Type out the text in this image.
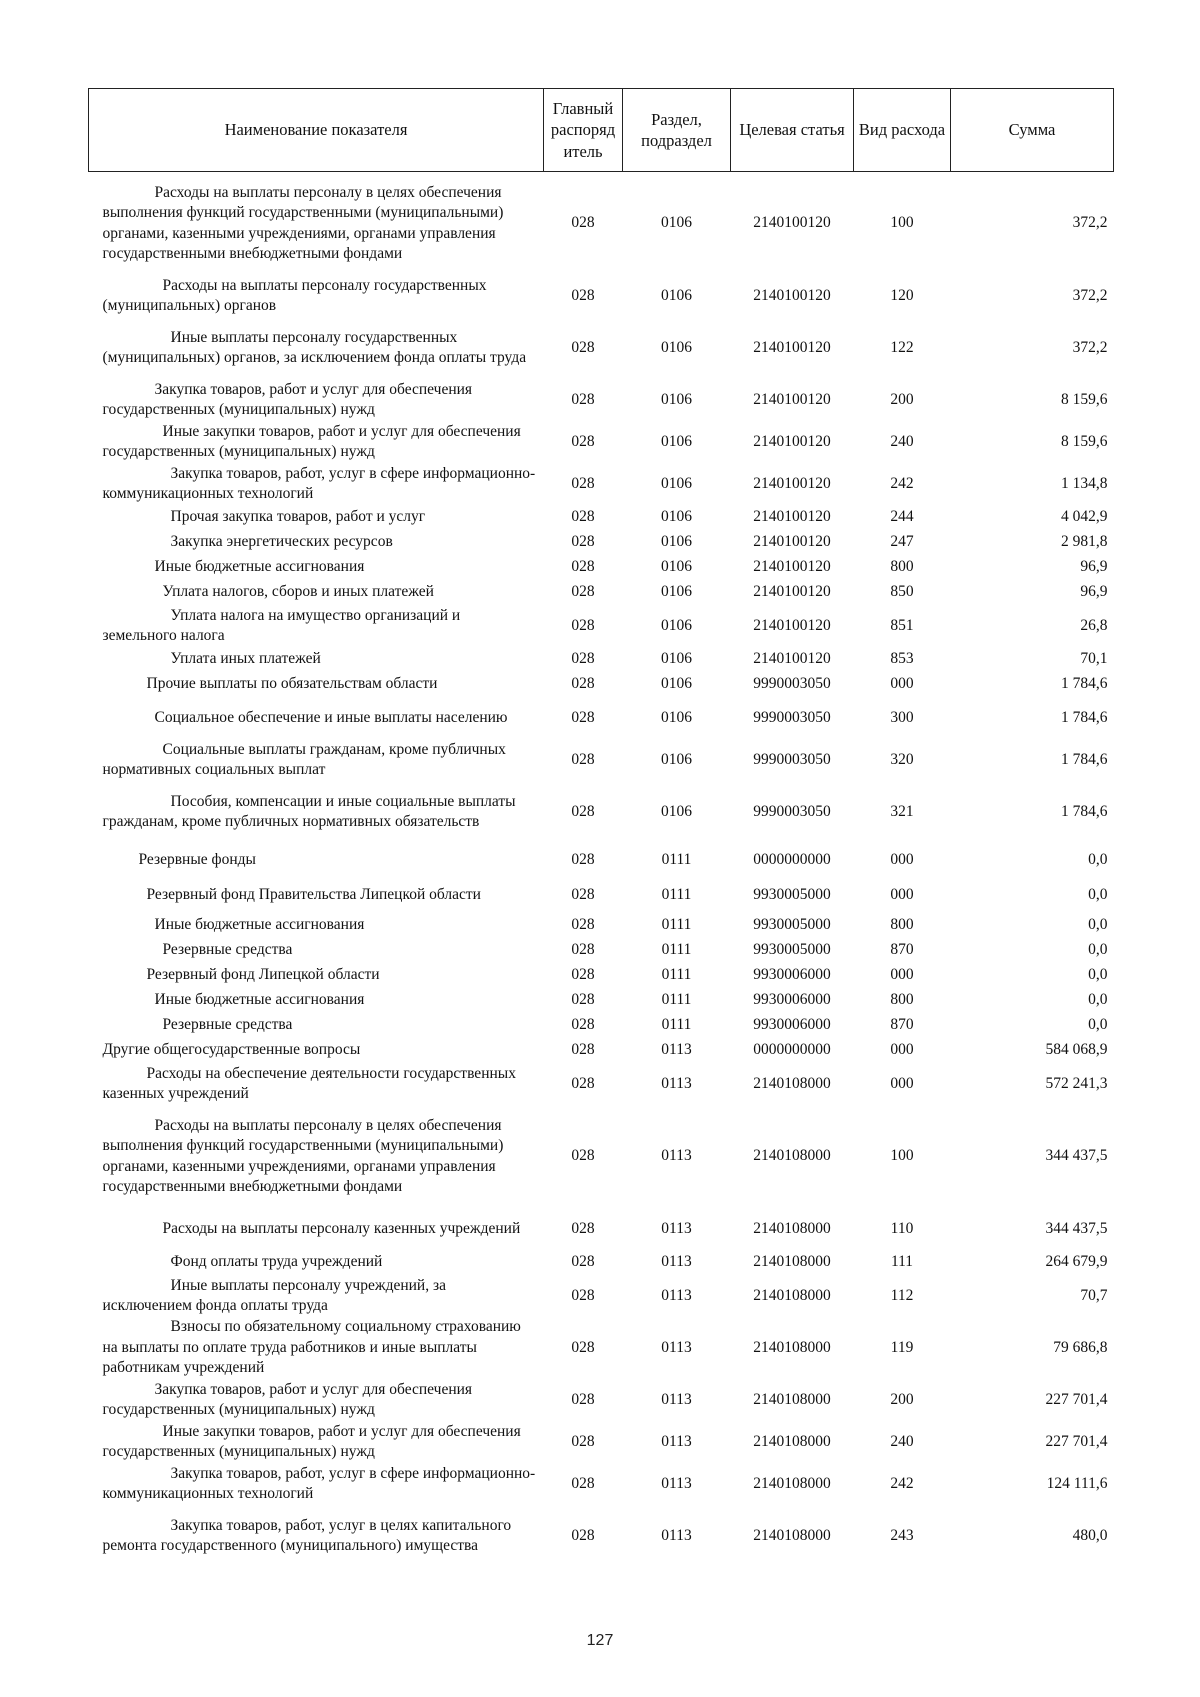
Наименование показателя	Главный распоряд итель	Раздел, подраздел	Целевая статья	Вид расхода	Сумма
Расходы на выплаты персоналу в целях обеспечения выполнения функций государственными (муниципальными) органами, казенными учреждениями, органами управления государственными внебюджетными фондами	028	0106	2140100120	100	372,2
Расходы на выплаты персоналу государственных (муниципальных) органов	028	0106	2140100120	120	372,2
Иные выплаты персоналу государственных (муниципальных) органов, за исключением фонда оплаты труда	028	0106	2140100120	122	372,2
Закупка товаров, работ и услуг для обеспечения государственных (муниципальных) нужд	028	0106	2140100120	200	8 159,6
Иные закупки товаров, работ и услуг для обеспечения государственных (муниципальных) нужд	028	0106	2140100120	240	8 159,6
Закупка товаров, работ, услуг в сфере информационно-коммуникационных технологий	028	0106	2140100120	242	1 134,8
Прочая закупка товаров, работ и услуг	028	0106	2140100120	244	4 042,9
Закупка энергетических ресурсов	028	0106	2140100120	247	2 981,8
Иные бюджетные ассигнования	028	0106	2140100120	800	96,9
Уплата налогов, сборов и иных платежей	028	0106	2140100120	850	96,9
Уплата налога на имущество организаций и земельного налога	028	0106	2140100120	851	26,8
Уплата иных платежей	028	0106	2140100120	853	70,1
Прочие выплаты по обязательствам области	028	0106	9990003050	000	1 784,6
Социальное обеспечение и иные выплаты населению	028	0106	9990003050	300	1 784,6
Социальные выплаты гражданам, кроме публичных нормативных социальных выплат	028	0106	9990003050	320	1 784,6
Пособия, компенсации и иные социальные выплаты гражданам, кроме публичных нормативных обязательств	028	0106	9990003050	321	1 784,6
Резервные фонды	028	0111	0000000000	000	0,0
Резервный фонд Правительства Липецкой области	028	0111	9930005000	000	0,0
Иные бюджетные ассигнования	028	0111	9930005000	800	0,0
Резервные средства	028	0111	9930005000	870	0,0
Резервный фонд Липецкой области	028	0111	9930006000	000	0,0
Иные бюджетные ассигнования	028	0111	9930006000	800	0,0
Резервные средства	028	0111	9930006000	870	0,0
Другие общегосударственные вопросы	028	0113	0000000000	000	584 068,9
Расходы на обеспечение деятельности государственных казенных учреждений	028	0113	2140108000	000	572 241,3
Расходы на выплаты персоналу в целях обеспечения выполнения функций государственными (муниципальными) органами, казенными учреждениями, органами управления государственными внебюджетными фондами	028	0113	2140108000	100	344 437,5
Расходы на выплаты персоналу казенных учреждений	028	0113	2140108000	110	344 437,5
Фонд оплаты труда учреждений	028	0113	2140108000	111	264 679,9
Иные выплаты персоналу учреждений, за исключением фонда оплаты труда	028	0113	2140108000	112	70,7
Взносы по обязательному социальному страхованию на выплаты по оплате труда работников и иные выплаты работникам учреждений	028	0113	2140108000	119	79 686,8
Закупка товаров, работ и услуг для обеспечения государственных (муниципальных) нужд	028	0113	2140108000	200	227 701,4
Иные закупки товаров, работ и услуг для обеспечения государственных (муниципальных) нужд	028	0113	2140108000	240	227 701,4
Закупка товаров, работ, услуг в сфере информационно-коммуникационных технологий	028	0113	2140108000	242	124 111,6
Закупка товаров, работ, услуг в целях капитального ремонта государственного (муниципального) имущества	028	0113	2140108000	243	480,0
127
